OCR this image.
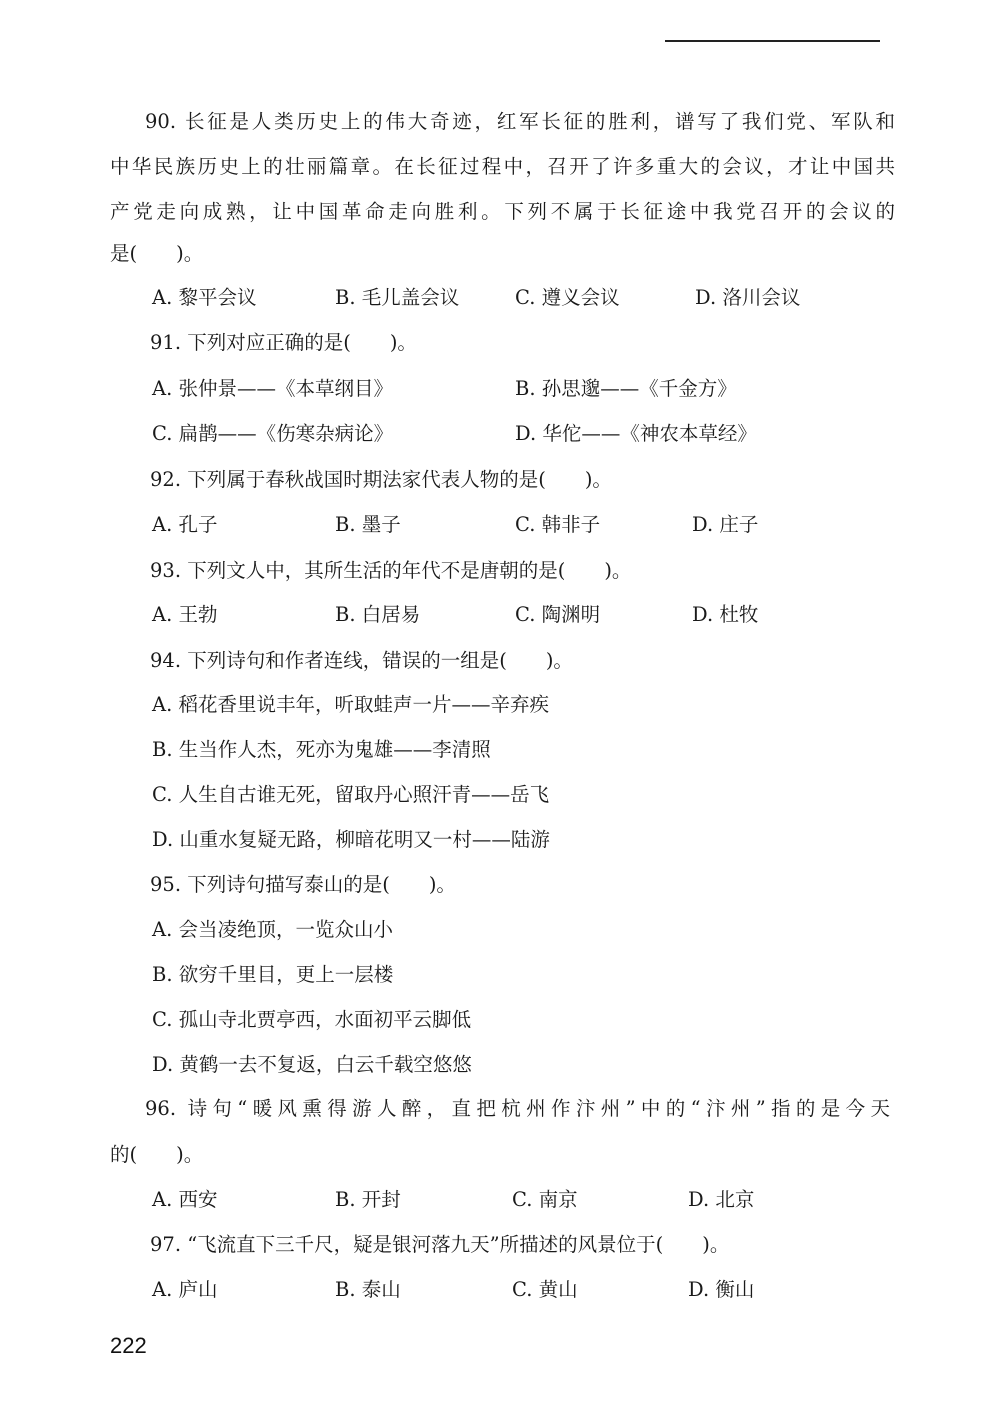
90. 长征是人类历史上的伟大奇迹，红军长征的胜利，谱写了我们党、军队和
中华民族历史上的壮丽篇章。在长征过程中，召开了许多重大的会议，才让中国共
产党走向成熟，让中国革命走向胜利。下列不属于长征途中我党召开的会议的
是(　　)。
A. 黎平会议	B. 毛儿盖会议	C. 遵义会议	D. 洛川会议
91. 下列对应正确的是(　　)。
A. 张仲景——《本草纲目》	B. 孙思邈——《千金方》
C. 扁鹊——《伤寒杂病论》	D. 华佗——《神农本草经》
92. 下列属于春秋战国时期法家代表人物的是(　　)。
A. 孔子	B. 墨子	C. 韩非子	D. 庄子
93. 下列文人中，其所生活的年代不是唐朝的是(　　)。
A. 王勃	B. 白居易	C. 陶渊明	D. 杜牧
94. 下列诗句和作者连线，错误的一组是(　　)。
A. 稻花香里说丰年，听取蛙声一片——辛弃疾
B. 生当作人杰，死亦为鬼雄——李清照
C. 人生自古谁无死，留取丹心照汗青——岳飞
D. 山重水复疑无路，柳暗花明又一村——陆游
95. 下列诗句描写泰山的是(　　)。
A. 会当凌绝顶，一览众山小
B. 欲穷千里目，更上一层楼
C. 孤山寺北贾亭西，水面初平云脚低
D. 黄鹤一去不复返，白云千载空悠悠
96. 诗句“暖风熏得游人醉，直把杭州作汴州”中的“汴州”指的是今天
的(　　)。
A. 西安	B. 开封	C. 南京	D. 北京
97. “飞流直下三千尺，疑是银河落九天”所描述的风景位于(　　)。
A. 庐山	B. 泰山	C. 黄山	D. 衡山
222
